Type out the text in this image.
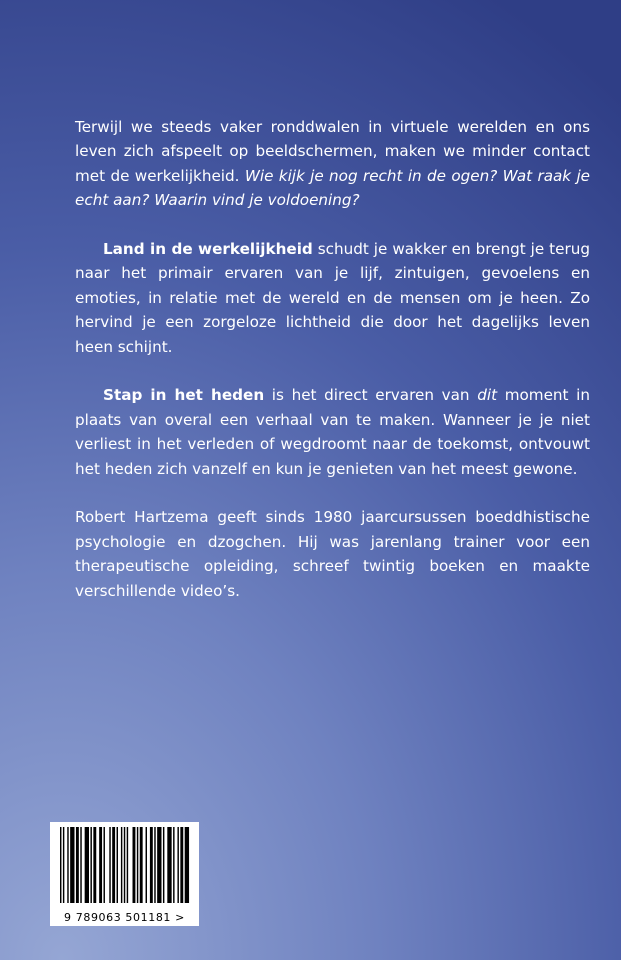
Terwijl we steeds vaker ronddwalen in virtuele werelden en ons leven zich afspeelt op beeldschermen, maken we minder contact met de werkelijkheid. Wie kijk je nog recht in de ogen? Wat raak je echt aan? Waarin vind je voldoening?

Land in de werkelijkheid schudt je wakker en brengt je terug naar het primair ervaren van je lijf, zintuigen, gevoelens en emoties, in relatie met de wereld en de mensen om je heen. Zo hervind je een zorgeloze lichtheid die door het dagelijks leven heen schijnt.

Stap in het heden is het direct ervaren van dit moment in plaats van overal een verhaal van te maken. Wanneer je je niet verliest in het verleden of wegdroomt naar de toekomst, ontvouwt het heden zich vanzelf en kun je genieten van het meest gewone.

Robert Hartzema geeft sinds 1980 jaarcursussen boeddhistische psychologie en dzogchen. Hij was jarenlang trainer voor een therapeutische opleiding, schreef twintig boeken en maakte verschillende video’s.

9 789063 501181 >
